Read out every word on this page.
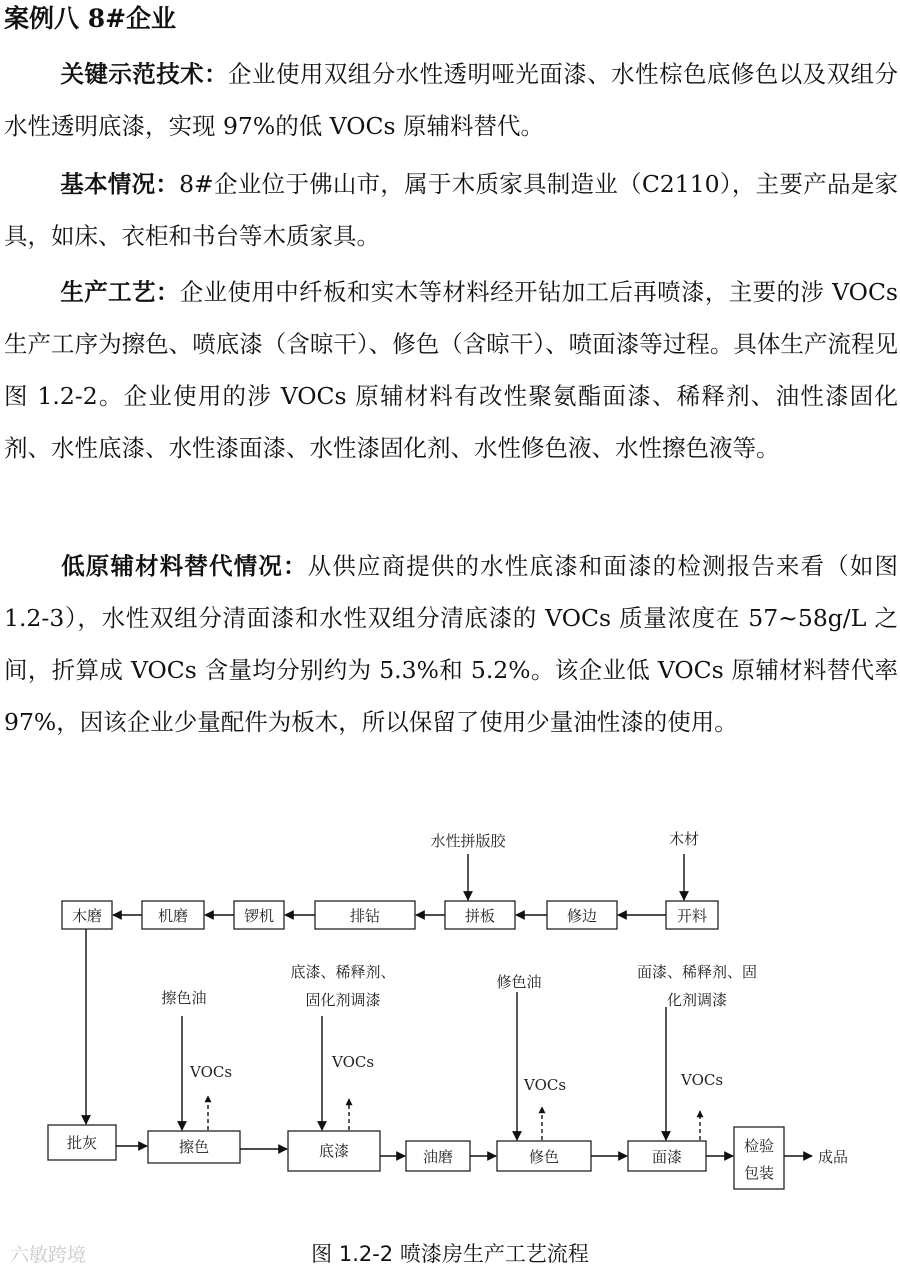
案例八 8#企业

关键示范技术：企业使用双组分水性透明哑光面漆、水性棕色底修色以及双组分水性透明底漆，实现 97%的低 VOCs 原辅料替代。

基本情况：8#企业位于佛山市，属于木质家具制造业（C2110），主要产品是家具，如床、衣柜和书台等木质家具。

生产工艺：企业使用中纤板和实木等材料经开钻加工后再喷漆，主要的涉 VOCs 生产工序为擦色、喷底漆（含晾干）、修色（含晾干）、喷面漆等过程。具体生产流程见图 1.2-2。企业使用的涉 VOCs 原辅材料有改性聚氨酯面漆、稀释剂、油性漆固化剂、水性底漆、水性漆面漆、水性漆固化剂、水性修色液、水性擦色液等。

低原辅材料替代情况：从供应商提供的水性底漆和面漆的检测报告来看（如图 1.2-3），水性双组分清面漆和水性双组分清底漆的 VOCs 质量浓度在 57~58g/L 之间，折算成 VOCs 含量均分别约为 5.3%和 5.2%。该企业低 VOCs 原辅材料替代率 97%，因该企业少量配件为板木，所以保留了使用少量油性漆的使用。

水性拼版胶	木材
木磨	机磨	锣机	排钻	拼板	修边	开料
擦色油
底漆、稀释剂、
固化剂调漆
修色油
面漆、稀释剂、固
化剂调漆
VOCs
VOCs
VOCs	VOCs
批灰	擦色	底漆	油磨	修色	面漆
检验
包装
成品
图 1.2-2 喷漆房生产工艺流程
六敏跨境
